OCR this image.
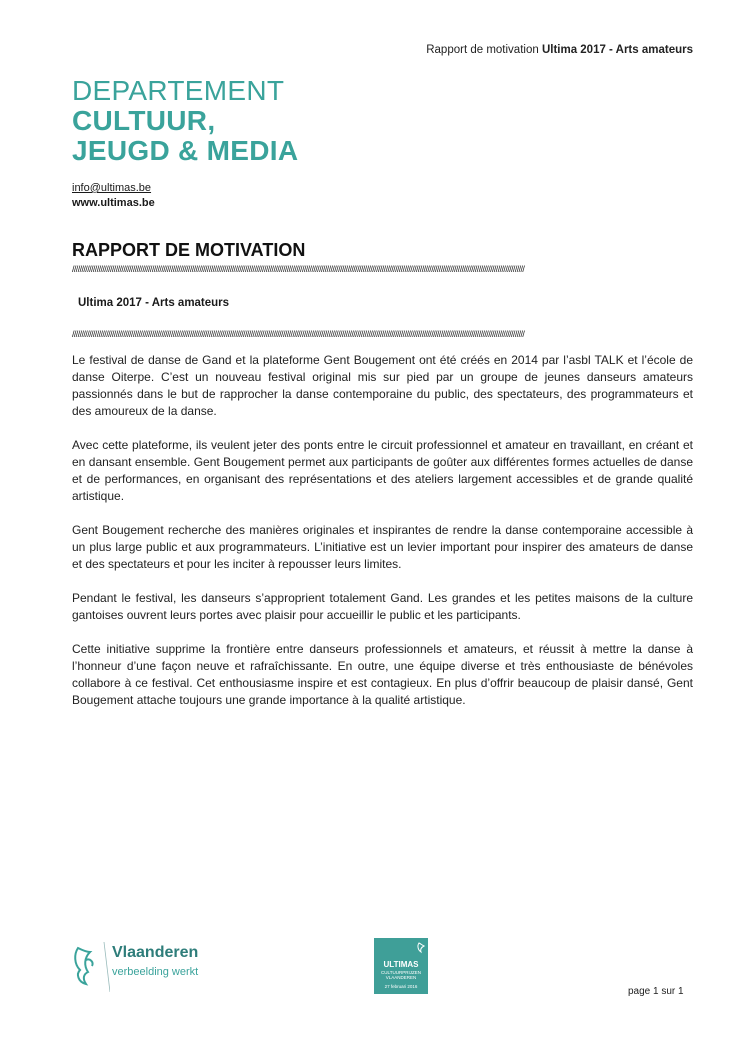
Rapport de motivation Ultima 2017 - Arts amateurs
DEPARTEMENT
CULTUUR,
JEUGD & MEDIA
info@ultimas.be
www.ultimas.be
RAPPORT DE MOTIVATION
//////////////////////////////////////////////////////////////////////////////////////////////////////////////////////////////////////////////////////////////////////////////////////////////////////////////////////////////////////////////
Ultima 2017 - Arts amateurs
//////////////////////////////////////////////////////////////////////////////////////////////////////////////////////////////////////////////////////////////////////////////////////////////////////////////////////////////////////////////

Le festival de danse de Gand et la plateforme Gent Bougement ont été créés en 2014 par l’asbl TALK et l’école de danse Oiterpe. C’est un nouveau festival original mis sur pied par un groupe de jeunes danseurs amateurs passionnés dans le but de rapprocher la danse contemporaine du public, des spectateurs, des programmateurs et des amoureux de la danse.

Avec cette plateforme, ils veulent jeter des ponts entre le circuit professionnel et amateur en travaillant, en créant et en dansant ensemble. Gent Bougement permet aux participants de goûter aux différentes formes actuelles de danse et de performances, en organisant des représentations et des ateliers largement accessibles et de grande qualité artistique.

Gent Bougement recherche des manières originales et inspirantes de rendre la danse contemporaine accessible à un plus large public et aux programmateurs. L’initiative est un levier important pour inspirer des amateurs de danse et des spectateurs et pour les inciter à repousser leurs limites.

Pendant le festival, les danseurs s’approprient totalement Gand. Les grandes et les petites maisons de la culture gantoises ouvrent leurs portes avec plaisir pour accueillir le public et les participants.

Cette initiative supprime la frontière entre danseurs professionnels et amateurs, et réussit à mettre la danse à l’honneur d’une façon neuve et rafraîchissante. En outre, une équipe diverse et très enthousiaste de bénévoles collabore à ce festival. Cet enthousiasme inspire et est contagieux. En plus d’offrir beaucoup de plaisir dansé, Gent Bougement attache toujours une grande importance à la qualité artistique.

Vlaanderen
verbeelding werkt
ULTIMAS
CULTUURPRIJZEN
VLAANDEREN
27 februari 2016	page 1 sur 1
